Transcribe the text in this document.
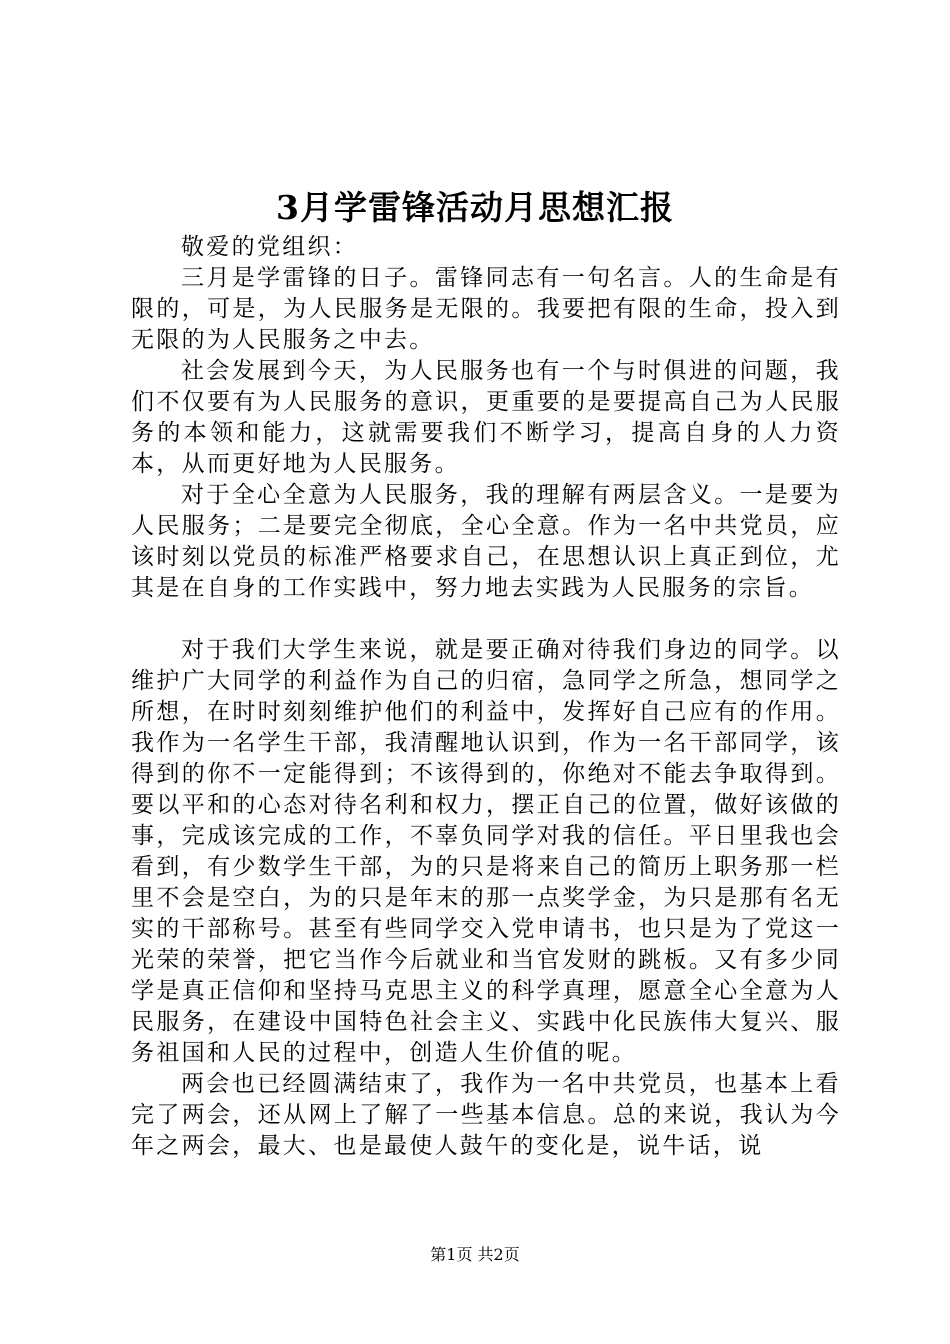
3月学雷锋活动月思想汇报

敬爱的党组织：

三月是学雷锋的日子。雷锋同志有一句名言。人的生命是有限的，可是，为人民服务是无限的。我要把有限的生命，投入到无限的为人民服务之中去。

社会发展到今天，为人民服务也有一个与时俱进的问题，我们不仅要有为人民服务的意识，更重要的是要提高自己为人民服务的本领和能力，这就需要我们不断学习，提高自身的人力资本，从而更好地为人民服务。

对于全心全意为人民服务，我的理解有两层含义。一是要为人民服务；二是要完全彻底，全心全意。作为一名中共党员，应该时刻以党员的标准严格要求自己，在思想认识上真正到位，尤其是在自身的工作实践中，努力地去实践为人民服务的宗旨。

对于我们大学生来说，就是要正确对待我们身边的同学。以维护广大同学的利益作为自己的归宿，急同学之所急，想同学之所想，在时时刻刻维护他们的利益中，发挥好自己应有的作用。我作为一名学生干部，我清醒地认识到，作为一名干部同学，该得到的你不一定能得到；不该得到的，你绝对不能去争取得到。要以平和的心态对待名利和权力，摆正自己的位置，做好该做的事，完成该完成的工作，不辜负同学对我的信任。平日里我也会看到，有少数学生干部，为的只是将来自己的简历上职务那一栏里不会是空白，为的只是年末的那一点奖学金，为只是那有名无实的干部称号。甚至有些同学交入党申请书，也只是为了党这一光荣的荣誉，把它当作今后就业和当官发财的跳板。又有多少同学是真正信仰和坚持马克思主义的科学真理，愿意全心全意为人民服务，在建设中国特色社会主义、实践中化民族伟大复兴、服务祖国和人民的过程中，创造人生价值的呢。

两会也已经圆满结束了，我作为一名中共党员，也基本上看完了两会，还从网上了解了一些基本信息。总的来说，我认为今年之两会，最大、也是最使人鼓午的变化是，说牛话，说

第1页 共2页
